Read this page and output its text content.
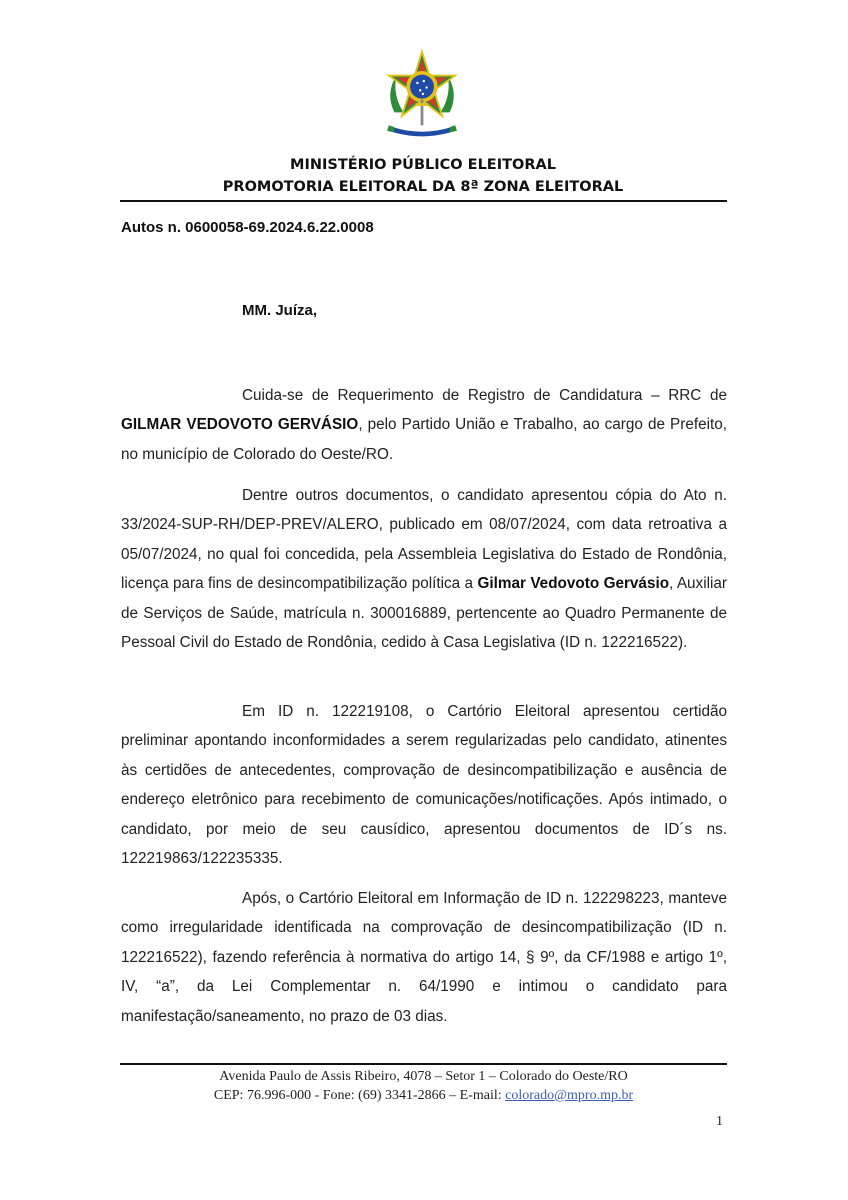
MINISTÉRIO PÚBLICO ELEITORAL
PROMOTORIA ELEITORAL DA 8ª ZONA ELEITORAL
Autos n. 0600058-69.2024.6.22.0008
MM. Juíza,

Cuida-se de Requerimento de Registro de Candidatura – RRC de GILMAR VEDOVOTO GERVÁSIO, pelo Partido União e Trabalho, ao cargo de Prefeito, no município de Colorado do Oeste/RO.

Dentre outros documentos, o candidato apresentou cópia do Ato n. 33/2024-SUP-RH/DEP-PREV/ALERO, publicado em 08/07/2024, com data retroativa a 05/07/2024, no qual foi concedida, pela Assembleia Legislativa do Estado de Rondônia, licença para fins de desincompatibilização política a Gilmar Vedovoto Gervásio, Auxiliar de Serviços de Saúde, matrícula n. 300016889, pertencente ao Quadro Permanente de Pessoal Civil do Estado de Rondônia, cedido à Casa Legislativa (ID n. 122216522).

Em ID n. 122219108, o Cartório Eleitoral apresentou certidão preliminar apontando inconformidades a serem regularizadas pelo candidato, atinentes às certidões de antecedentes, comprovação de desincompatibilização e ausência de endereço eletrônico para recebimento de comunicações/notificações. Após intimado, o candidato, por meio de seu causídico, apresentou documentos de ID´s ns. 122219863/122235335.

Após, o Cartório Eleitoral em Informação de ID n. 122298223, manteve como irregularidade identificada na comprovação de desincompatibilização (ID n. 122216522), fazendo referência à normativa do artigo 14, § 9º, da CF/1988 e artigo 1º, IV, “a”, da Lei Complementar n. 64/1990 e intimou o candidato para manifestação/saneamento, no prazo de 03 dias.

Avenida Paulo de Assis Ribeiro, 4078 – Setor 1 – Colorado do Oeste/RO
CEP: 76.996-000 - Fone: (69) 3341-2866 – E-mail: colorado@mpro.mp.br
1
